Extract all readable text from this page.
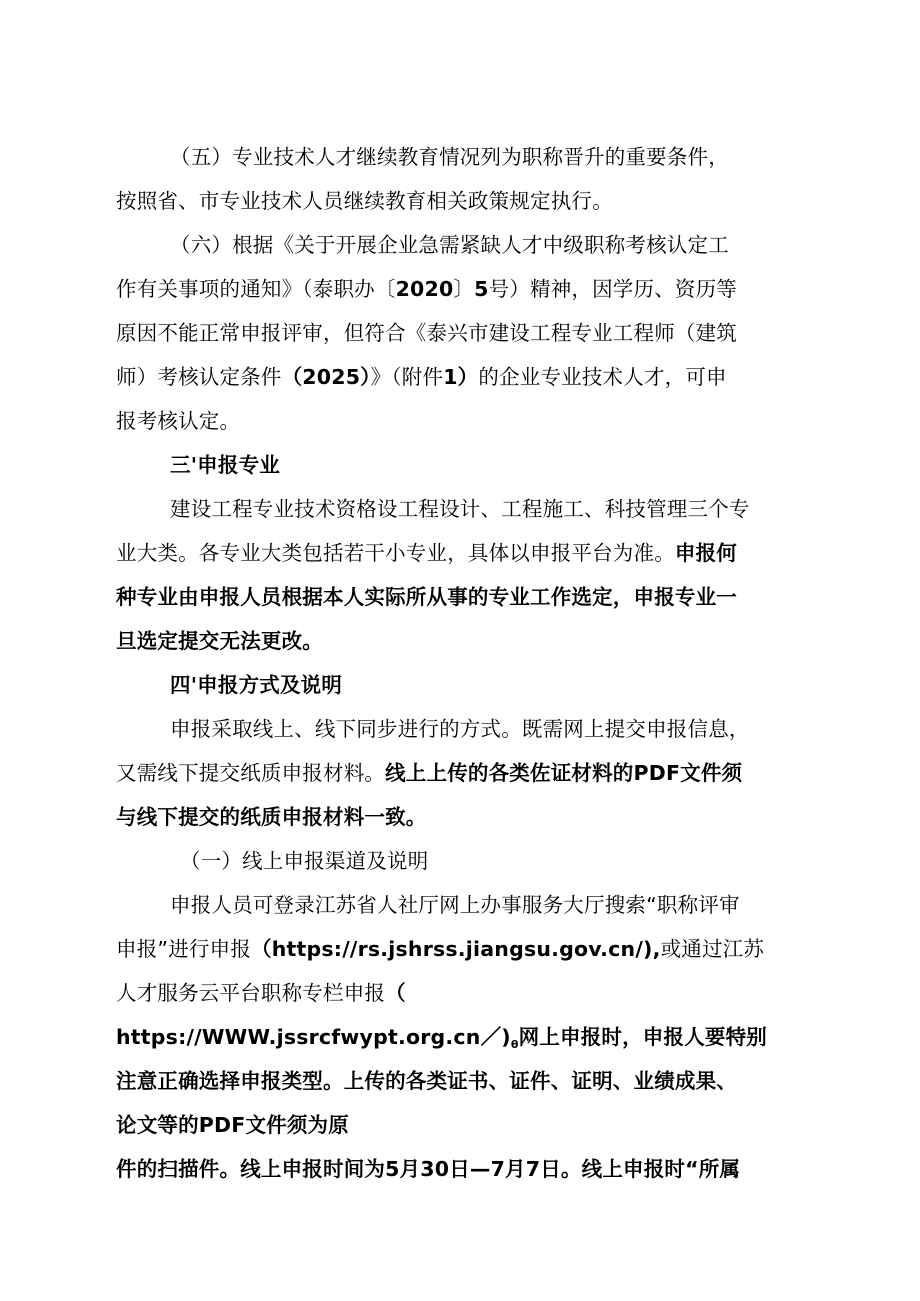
（五）专业技术人才继续教育情况列为职称晋升的重要条件，
按照省、市专业技术人员继续教育相关政策规定执行。
（六）根据《关于开展企业急需紧缺人才中级职称考核认定工
作有关事项的通知》（泰职办〔2020〕5号）精神，因学历、资历等
原因不能正常申报评审，但符合《泰兴市建设工程专业工程师（建筑
师）考核认定条件（2025）》（附件1）的企业专业技术人才，可申
报考核认定。
三'申报专业
建设工程专业技术资格设工程设计、工程施工、科技管理三个专
业大类。各专业大类包括若干小专业，具体以申报平台为准。申报何
种专业由申报人员根据本人实际所从事的专业工作选定，申报专业一
旦选定提交无法更改。
四'申报方式及说明
申报采取线上、线下同步进行的方式。既需网上提交申报信息，
又需线下提交纸质申报材料。线上上传的各类佐证材料的PDF文件须
与线下提交的纸质申报材料一致。
（一）线上申报渠道及说明
申报人员可登录江苏省人社厅网上办事服务大厅搜索“职称评审
申报”进行申报（https://rs.jshrss.jiangsu.gov.cn/),或通过江苏
人才服务云平台职称专栏申报（
$https://WWW.jssrcfwypt.org.cn/)_\theta$网上申报时，申报人要特别
注意正确选择申报类型。上传的各类证书、证件、证明、业绩成果、
论文等的PDF文件须为原
件的扫描件。线上申报时间为5月30日—7月7日。线上申报时“所属
